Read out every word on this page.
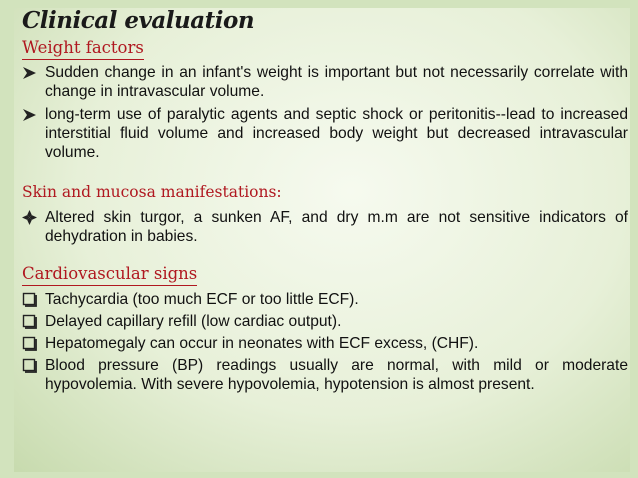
Clinical evaluation
Weight factors
Sudden change in an infant's weight is important but not necessarily correlate with change in intravascular volume.
long-term use of paralytic agents and septic shock or peritonitis--lead to increased interstitial fluid volume and increased body weight but decreased intravascular volume.
Skin and mucosa manifestations:
Altered skin turgor, a sunken AF, and dry m.m are not sensitive indicators of dehydration in babies.
Cardiovascular signs
Tachycardia (too much ECF or too little ECF).
Delayed capillary refill (low cardiac output).
Hepatomegaly can occur in neonates with ECF excess, (CHF).
Blood pressure (BP) readings usually are normal, with mild or moderate hypovolemia. With severe hypovolemia, hypotension is almost present.
